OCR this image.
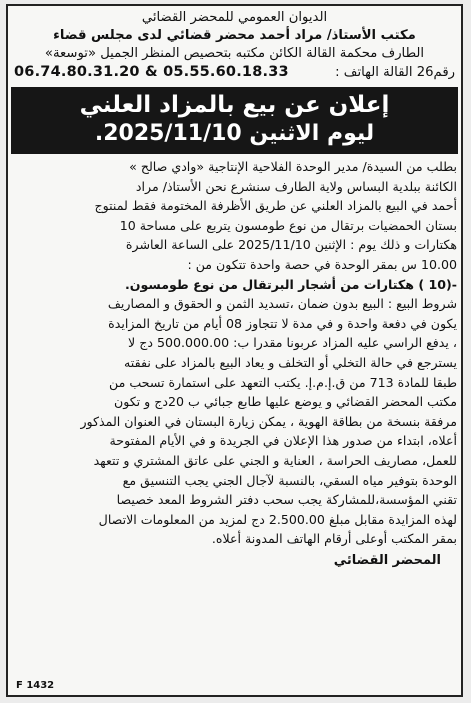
الديوان العمومي للمحضر القضائي
مكتب الأستاذ/ مراد أحمد محضر قضائي لدى مجلس قضاء
الطارف محكمة القالة الكائن مكتبه بتحصيص المنظر الجميل «توسعة»
رقم26 القالة الهاتف :
06.74.80.31.20 & 05.55.60.18.33
إعلان عن بيع بالمزاد العلني
ليوم الاثنين 2025/11/10.
بطلب من السيدة/ مدير الوحدة الفلاحية الإنتاجية «وادي صالح »
الكائنة ببلدية البساس ولاية الطارف سنشرع نحن الأستاذ/ مراد
أحمد في البيع بالمزاد العلني عن طريق الأظرفة المختومة فقط لمنتوج
بستان الحمضيات برتقال من نوع طومسون يتربع على مساحة 10
هكتارات و ذلك يوم : الإثنين 2025/11/10 على الساعة العاشرة
10.00 س بمقر الوحدة في حصة واحدة تتكون من :
-(10 ) هكتارات من أشجار البرتقال من نوع طومسون.
شروط البيع : البيع بدون ضمان ،تسديد الثمن و الحقوق و المصاريف
يكون في دفعة واحدة و في مدة لا تتجاوز 08 أيام من تاريخ المزايدة
، يدفع الراسي عليه المزاد عربونا مقدرا ب: 500.000.00 دج لا
يسترجع في حالة التخلي أو التخلف و يعاد البيع بالمزاد على نفقته
طبقا للمادة 713 من ق.إ.م.إ. يكتب التعهد على استمارة تسحب من
مكتب المحضر القضائي و يوضع عليها طابع جبائي ب 20دج و تكون
مرفقة بنسخة من بطاقة الهوية ، يمكن زيارة البستان في العنوان المذكور
أعلاه، ابتداء من صدور هذا الإعلان في الجريدة و في الأيام المفتوحة
للعمل، مصاريف الحراسة ، العناية و الجني على عاتق المشتري و تتعهد
الوحدة بتوفير مياه السقي، بالنسبة لآجال الجني يجب التنسيق مع
تقني المؤسسة،للمشاركة يجب سحب دفتر الشروط المعد خصيصا
لهذه المزايدة مقابل مبلغ 2.500.00 دج لمزيد من المعلومات الاتصال
بمقر المكتب أوعلى أرقام الهاتف المدونة أعلاه.
المحضر القضائي
F 1432
